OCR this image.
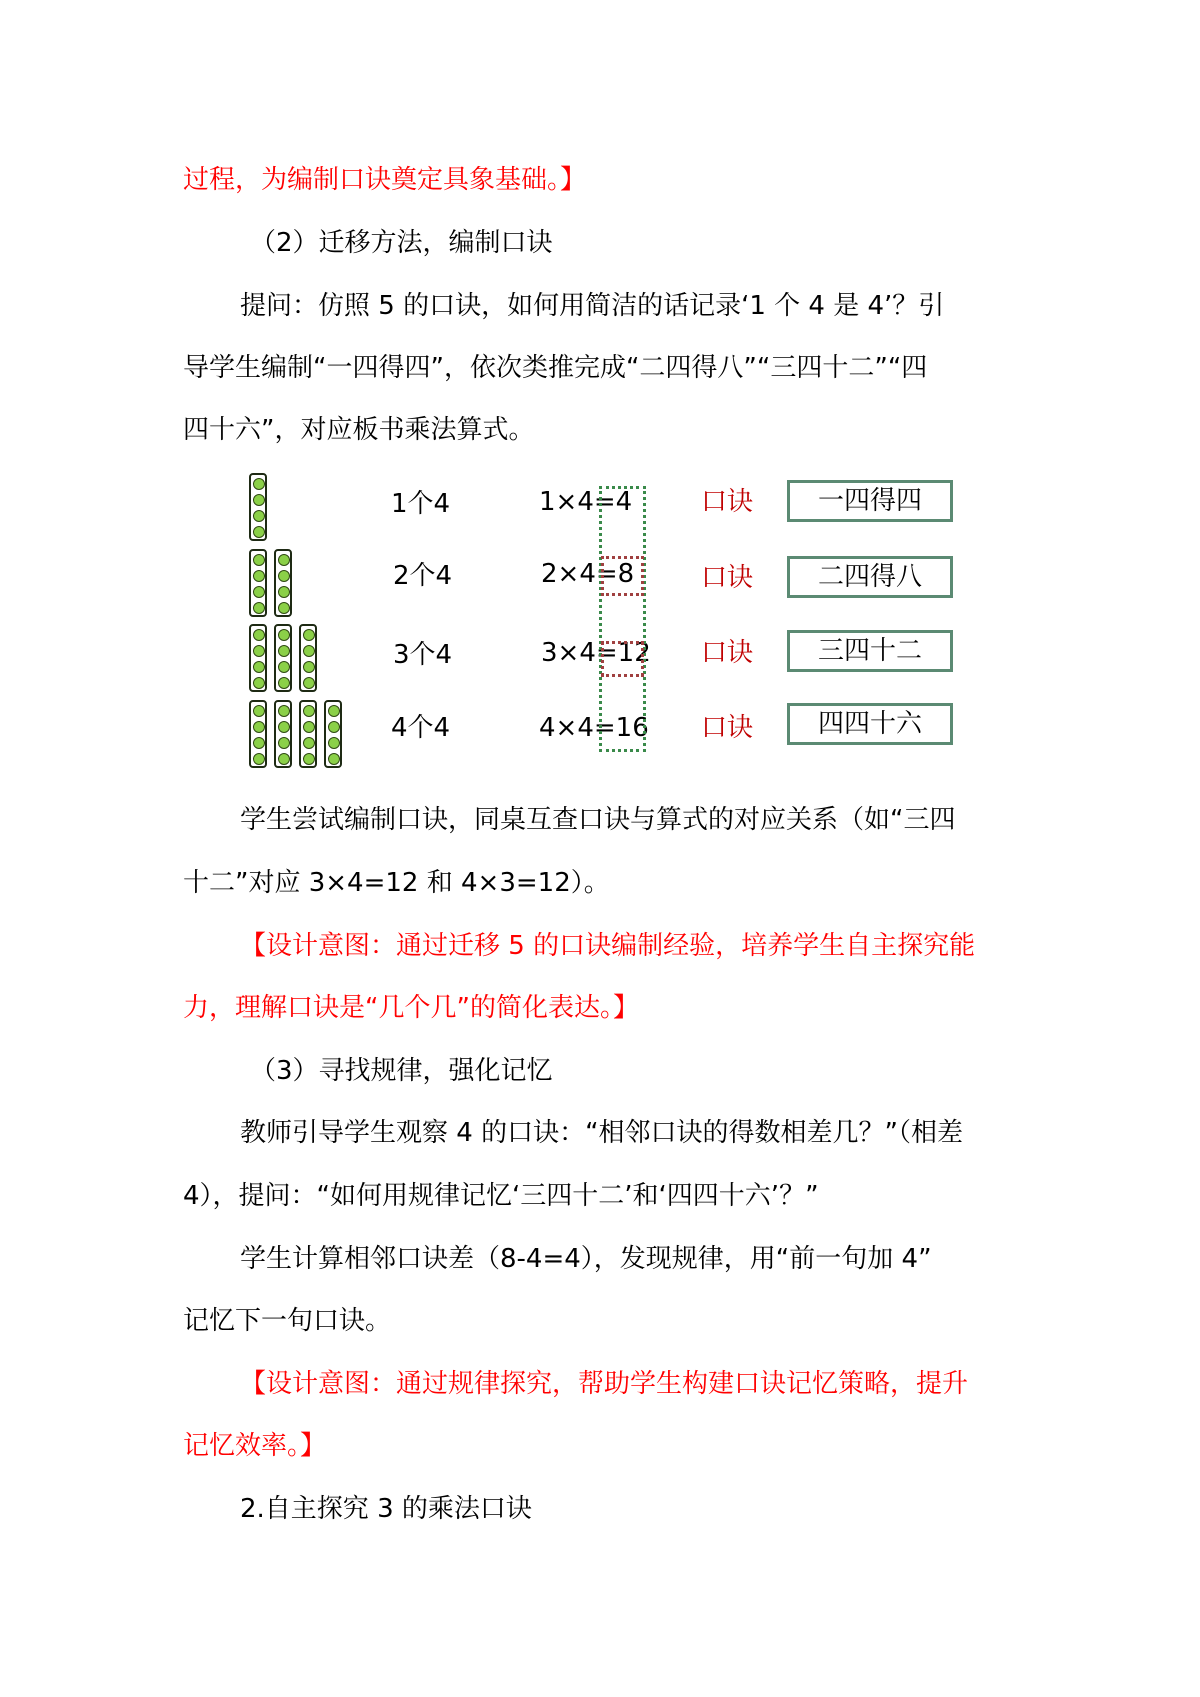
过程，为编制口诀奠定具象基础。】
（2）迁移方法，编制口诀
提问：仿照 5 的口诀，如何用简洁的话记录‘1 个 4 是 4’？引
导学生编制“一四得四”，依次类推完成“二四得八”“三四十二”“四
四十六”，对应板书乘法算式。
1个4	1×4=4	口诀	一四得四
2个4	2×4=8	口诀	二四得八
3个4	3×4=12 口诀	三四十二
4个4	4×4=16 口诀	四四十六
学生尝试编制口诀，同桌互查口诀与算式的对应关系（如“三四
十二”对应 3×4=12 和 4×3=12）。
【设计意图：通过迁移 5 的口诀编制经验，培养学生自主探究能
力，理解口诀是“几个几”的简化表达。】
（3）寻找规律，强化记忆
教师引导学生观察 4 的口诀：“相邻口诀的得数相差几？”（相差
4），提问：“如何用规律记忆‘三四十二’和‘四四十六’？”
学生计算相邻口诀差（8-4=4），发现规律，用“前一句加 4”
记忆下一句口诀。
【设计意图：通过规律探究，帮助学生构建口诀记忆策略，提升
记忆效率。】
2.自主探究 3 的乘法口诀
